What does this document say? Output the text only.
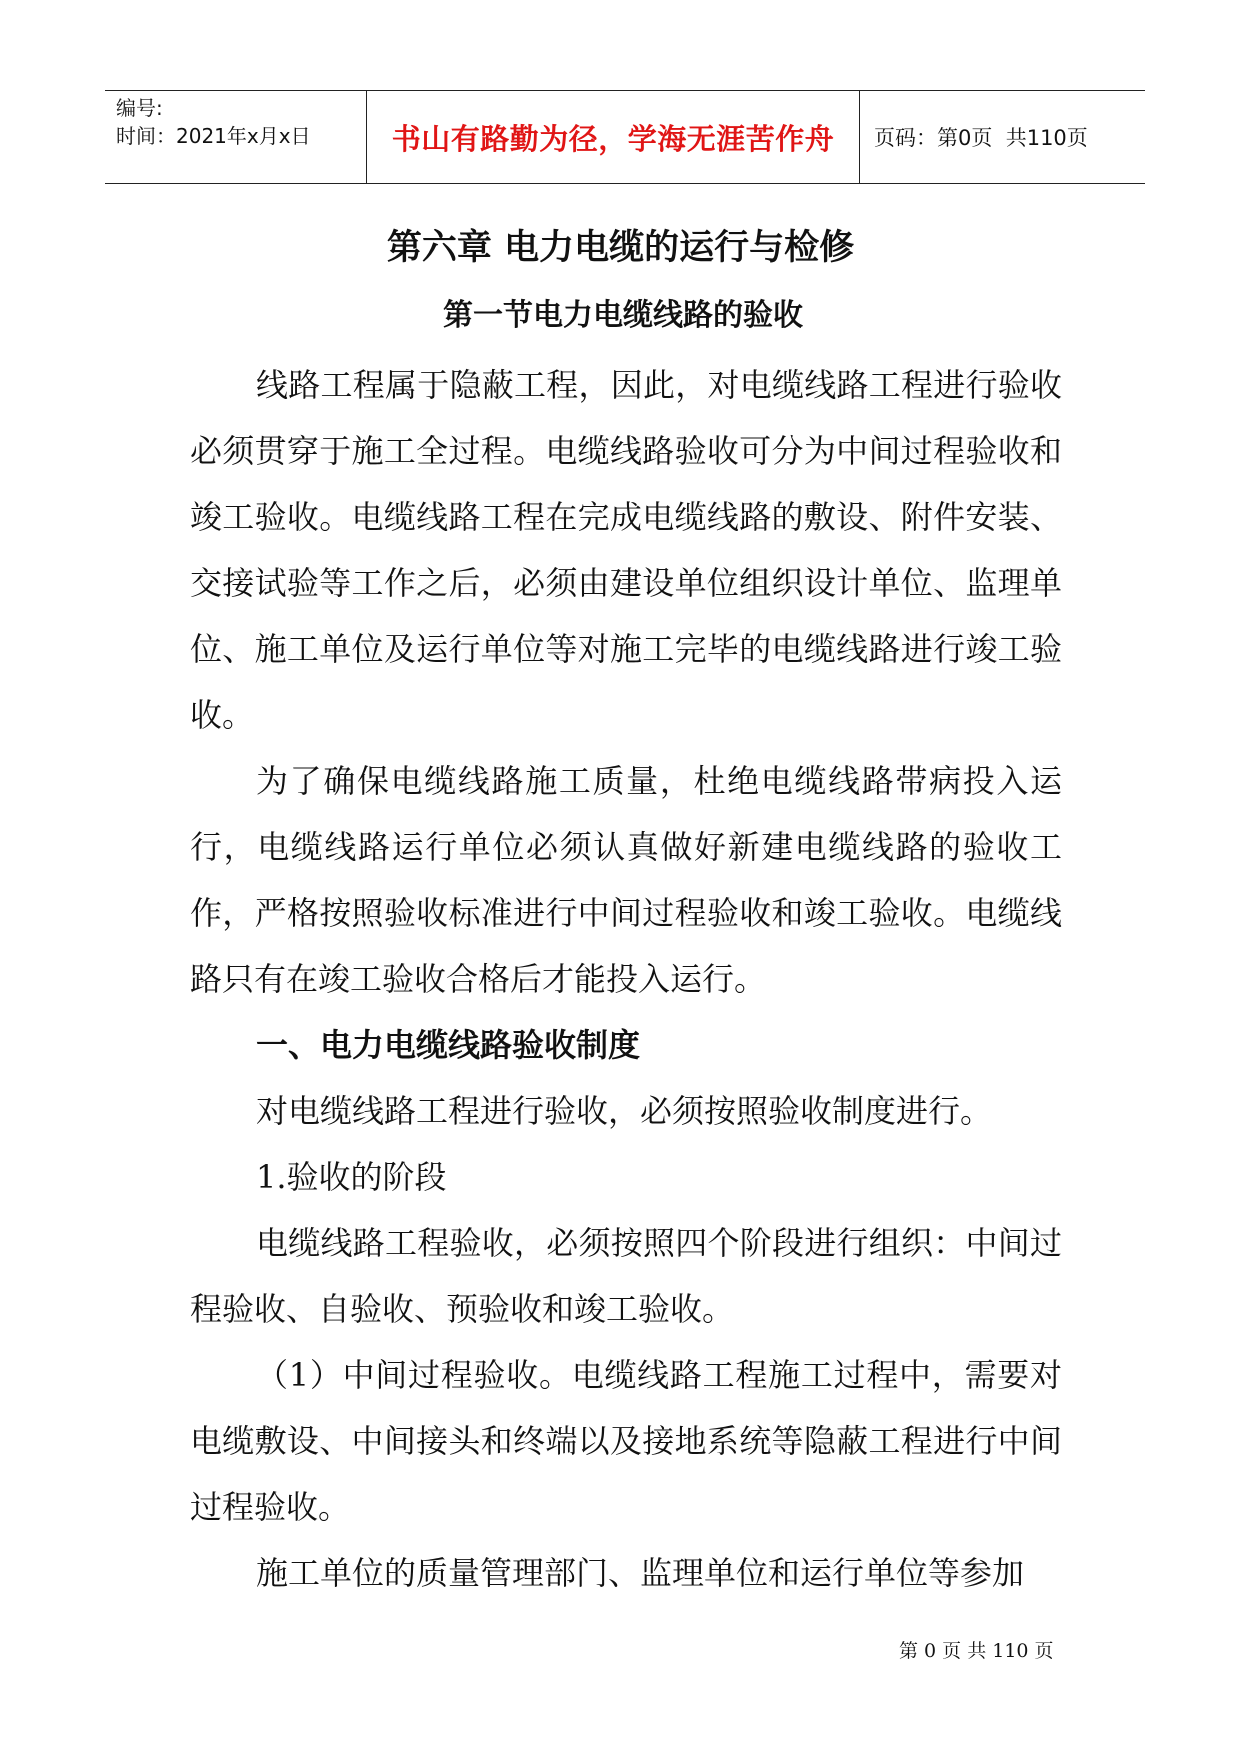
编号:
时间：2021年x月x日	书山有路勤为径，学海无涯苦作舟	页码：第0页  共110页
第六章 电力电缆的运行与检修
第一节电力电缆线路的验收

线路工程属于隐蔽工程，因此，对电缆线路工程进行验收必须贯穿于施工全过程。电缆线路验收可分为中间过程验收和竣工验收。电缆线路工程在完成电缆线路的敷设、附件安装、交接试验等工作之后，必须由建设单位组织设计单位、监理单位、施工单位及运行单位等对施工完毕的电缆线路进行竣工验收。

为了确保电缆线路施工质量，杜绝电缆线路带病投入运行，电缆线路运行单位必须认真做好新建电缆线路的验收工作，严格按照验收标准进行中间过程验收和竣工验收。电缆线路只有在竣工验收合格后才能投入运行。

一、电力电缆线路验收制度

对电缆线路工程进行验收，必须按照验收制度进行。

1.验收的阶段

电缆线路工程验收，必须按照四个阶段进行组织：中间过程验收、自验收、预验收和竣工验收。

（1）中间过程验收。电缆线路工程施工过程中，需要对电缆敷设、中间接头和终端以及接地系统等隐蔽工程进行中间过程验收。

施工单位的质量管理部门、监理单位和运行单位等参加

第 0 页 共 110 页
